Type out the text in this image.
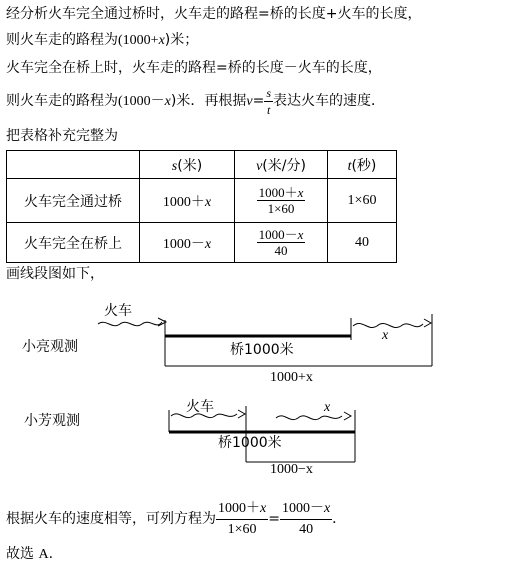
经分析火车完全通过桥时，火车走的路程=桥的长度+火车的长度，
则火车走的路程为(1000+x)米；
火车完全在桥上时，火车走的路程=桥的长度－火车的长度，
则火车走的路程为(1000－x)米．再根据$v= \frac{s}{t}$ 表达火车的速度．
把表格补充完整为
	s(米)	v(米/分)	t(秒)
火车完全通过桥	1000＋x	$\frac{1000+x}{1\times 60}$	1×60
火车完全在桥上	1000－x	$\frac{1000-x}{40}$	40
画线段图如下，
火车
小亮观测	桥1000米
x
1000+x
火车
小芳观测
x
桥1000米
1000−x
根据火车的速度相等，可列方程为 $\frac{1000+x}{1\times 60} = \frac{1000-x}{40}$ ．
故选 A.
